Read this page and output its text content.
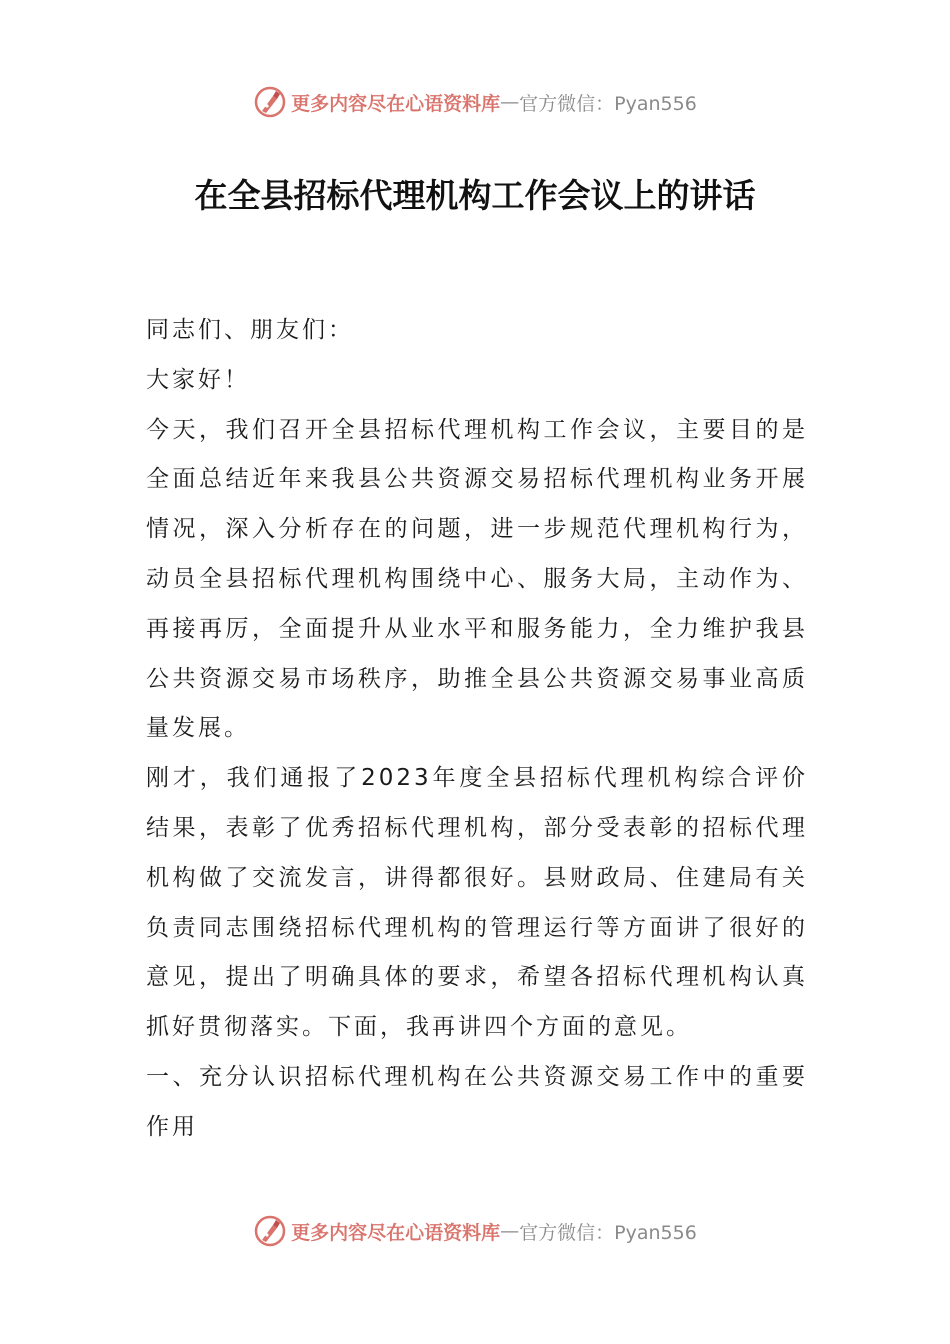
更多内容尽在心语资料库 — 官方微信：Pyan556
在全县招标代理机构工作会议上的讲话

同志们、朋友们：

大家好！

今天，我们召开全县招标代理机构工作会议，主要目的是全面总结近年来我县公共资源交易招标代理机构业务开展情况，深入分析存在的问题，进一步规范代理机构行为，动员全县招标代理机构围绕中心、服务大局，主动作为、再接再厉，全面提升从业水平和服务能力，全力维护我县公共资源交易市场秩序，助推全县公共资源交易事业高质量发展。

刚才，我们通报了2023年度全县招标代理机构综合评价结果，表彰了优秀招标代理机构，部分受表彰的招标代理机构做了交流发言，讲得都很好。县财政局、住建局有关负责同志围绕招标代理机构的管理运行等方面讲了很好的意见，提出了明确具体的要求，希望各招标代理机构认真抓好贯彻落实。下面，我再讲四个方面的意见。

一、充分认识招标代理机构在公共资源交易工作中的重要作用

更多内容尽在心语资料库 — 官方微信：Pyan556
